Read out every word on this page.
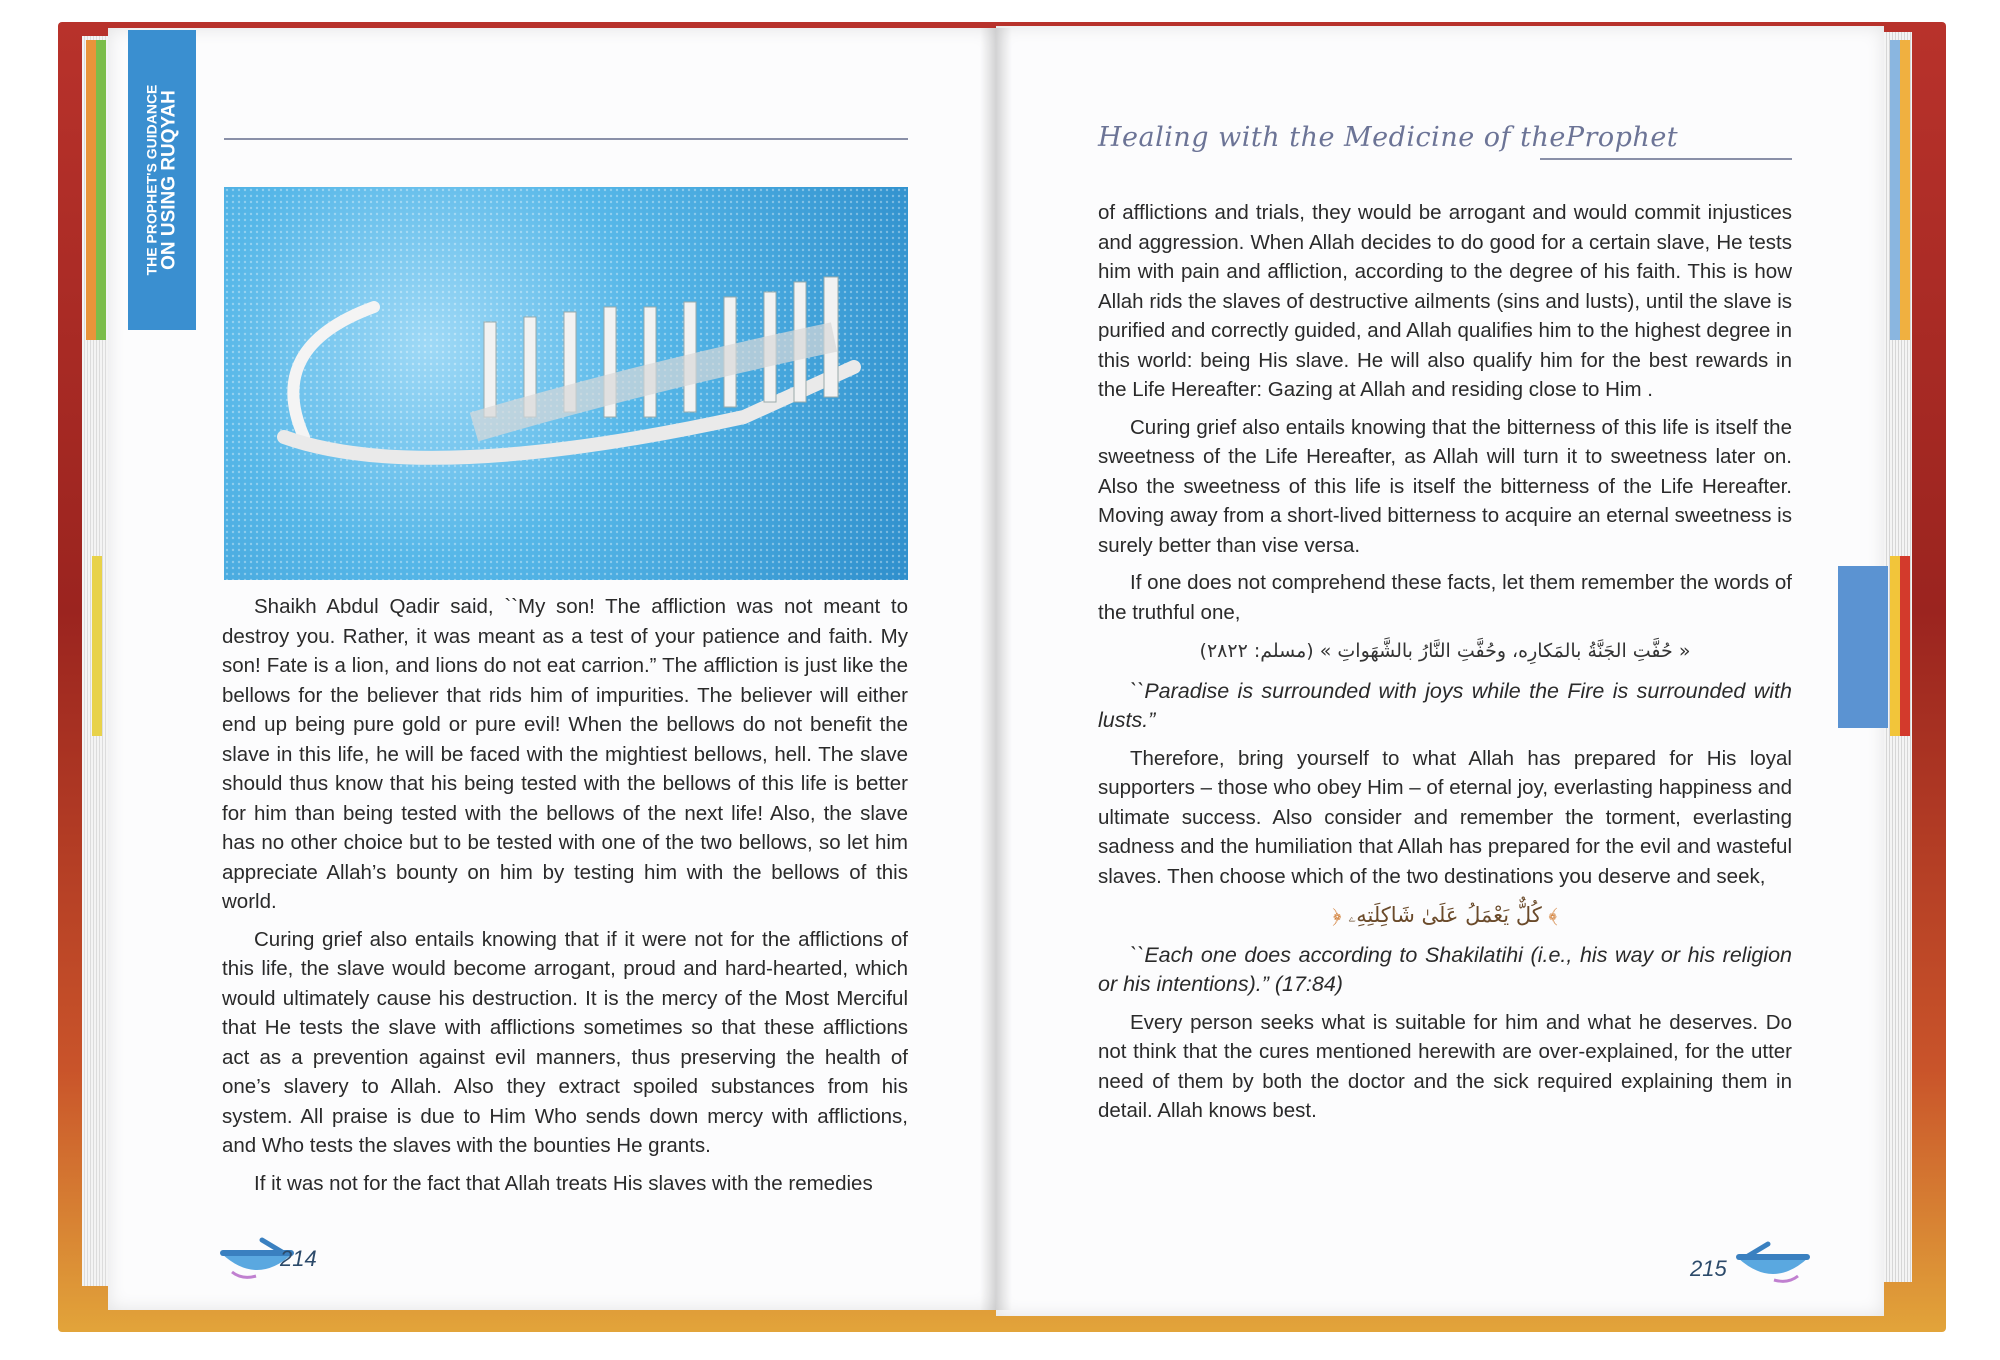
THE PROPHET'S GUIDANCE
ON USING RUQYAH	Healing with the Medicine of theProphet

Shaikh Abdul Qadir said, ``My son! The affliction was not meant to destroy you. Rather, it was meant as a test of your patience and faith. My son! Fate is a lion, and lions do not eat carrion.” The affliction is just like the bellows for the believer that rids him of impurities. The believer will either end up being pure gold or pure evil! When the bellows do not benefit the slave in this life, he will be faced with the mightiest bellows, hell. The slave should thus know that his being tested with the bellows of this life is better for him than being tested with the bellows of the next life! Also, the slave has no other choice but to be tested with one of the two bellows, so let him appreciate Allah’s bounty on him by testing him with the bellows of this world.

Curing grief also entails knowing that if it were not for the afflictions of this life, the slave would become arrogant, proud and hard-hearted, which would ultimately cause his destruction. It is the mercy of the Most Merciful that He tests the slave with afflictions sometimes so that these afflictions act as a prevention against evil manners, thus preserving the health of one’s slavery to Allah. Also they extract spoiled substances from his system. All praise is due to Him Who sends down mercy with afflictions, and Who tests the slaves with the bounties He grants.

If it was not for the fact that Allah treats His slaves with the remedies

214

of afflictions and trials, they would be arrogant and would commit injustices and aggression. When Allah decides to do good for a certain slave, He tests him with pain and affliction, according to the degree of his faith. This is how Allah rids the slaves of destructive ailments (sins and lusts), until the slave is purified and correctly guided, and Allah qualifies him to the highest degree in this world: being His slave. He will also qualify him for the best rewards in the Life Hereafter: Gazing at Allah and residing close to Him .

Curing grief also entails knowing that the bitterness of this life is itself the sweetness of the Life Hereafter, as Allah will turn it to sweetness later on. Also the sweetness of this life is itself the bitterness of the Life Hereafter. Moving away from a short-lived bitterness to acquire an eternal sweetness is surely better than vise versa.

If one does not comprehend these facts, let them remember the words of the truthful one,

« حُفَّتِ الجَنَّةُ بالمَكارِه، وحُفَّتِ النَّارُ بالشَّهَواتِ » (مسلم: ٢٨٢٢)

``Paradise is surrounded with joys while the Fire is surrounded with lusts.”

Therefore, bring yourself to what Allah has prepared for His loyal supporters – those who obey Him – of eternal joy, everlasting happiness and ultimate success. Also consider and remember the torment, everlasting sadness and the humiliation that Allah has prepared for the evil and wasteful slaves. Then choose which of the two destinations you deserve and seek,

﴾ كُلٌّ يَعْمَلُ عَلَىٰ شَاكِلَتِهِۦ ﴿

``Each one does according to Shakilatihi (i.e., his way or his religion or his intentions).” (17:84)

Every person seeks what is suitable for him and what he deserves. Do not think that the cures mentioned herewith are over-explained, for the utter need of them by both the doctor and the sick required explaining them in detail. Allah knows best.

215
